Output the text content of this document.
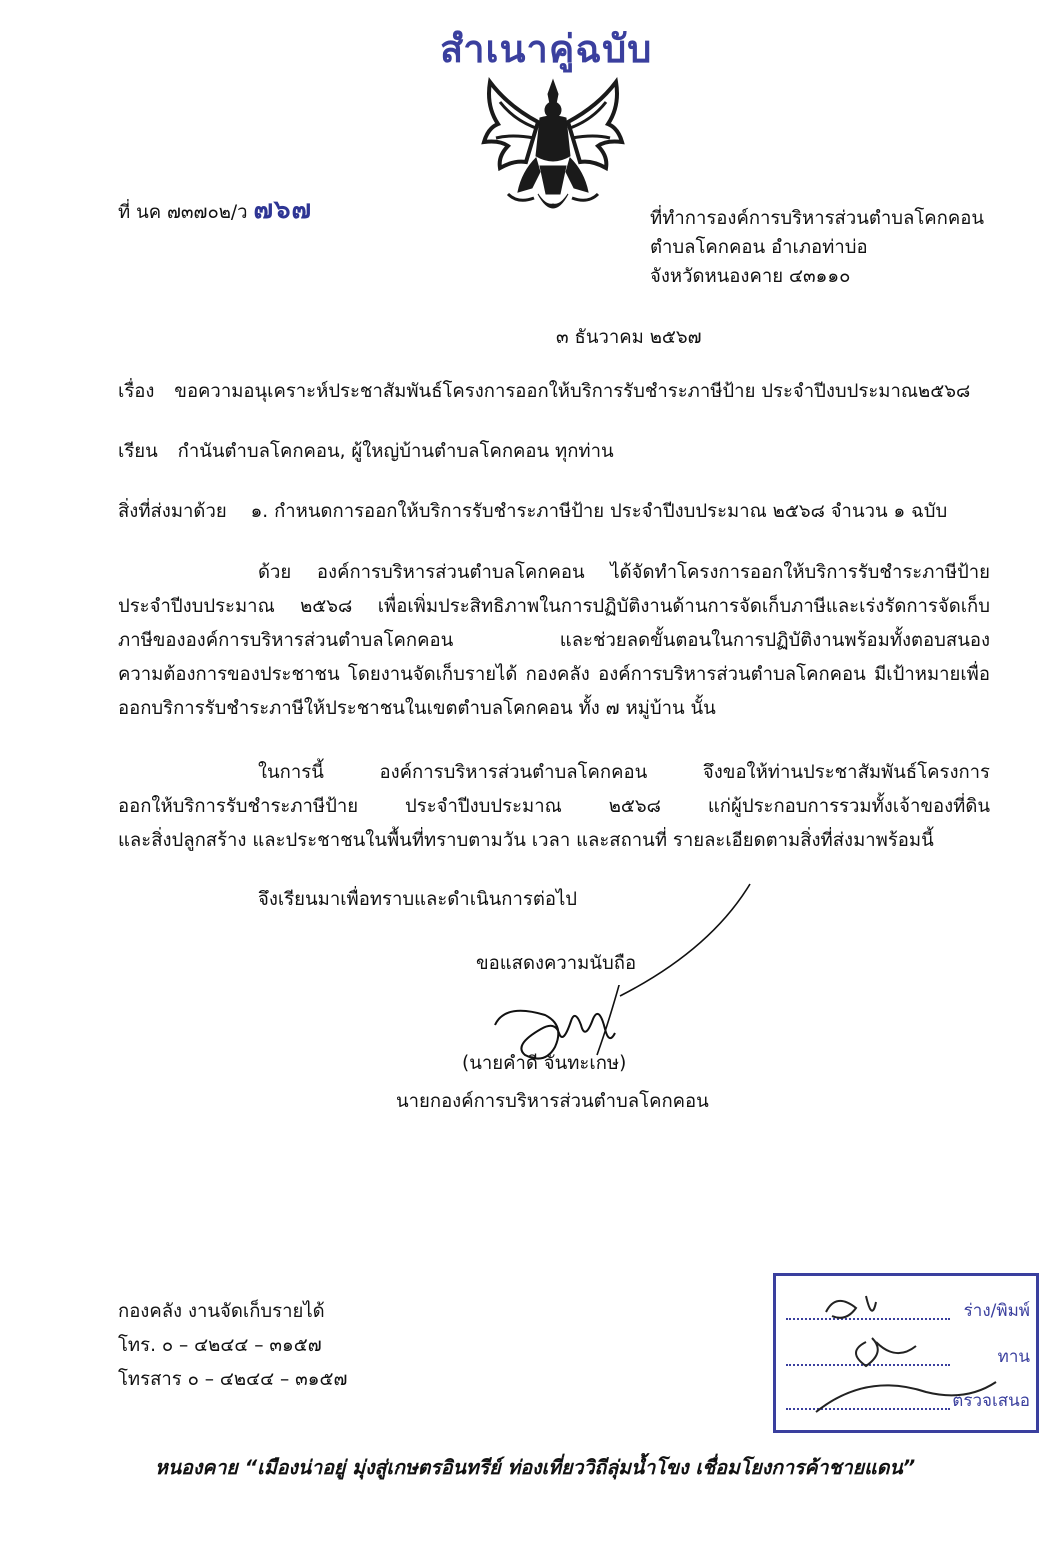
สำเนาคู่ฉบับ
ที่ นค ๗๓๗๐๒/ว ๗๖๗	ที่ทำการองค์การบริหารส่วนตำบลโคกคอน
ตำบลโคกคอน อำเภอท่าบ่อ
จังหวัดหนองคาย ๔๓๑๑๐
๓ ธันวาคม ๒๕๖๗
เรื่อง ขอความอนุเคราะห์ประชาสัมพันธ์โครงการออกให้บริการรับชำระภาษีป้าย ประจำปีงบประมาณ๒๕๖๘
เรียน กำนันตำบลโคกคอน, ผู้ใหญ่บ้านตำบลโคกคอน ทุกท่าน
สิ่งที่ส่งมาด้วย ๑. กำหนดการออกให้บริการรับชำระภาษีป้าย ประจำปีงบประมาณ ๒๕๖๘ จำนวน ๑ ฉบับ
ด้วย องค์การบริหารส่วนตำบลโคกคอน ได้จัดทำโครงการออกให้บริการรับชำระภาษีป้าย
ประจำปีงบประมาณ ๒๕๖๘ เพื่อเพิ่มประสิทธิภาพในการปฏิบัติงานด้านการจัดเก็บภาษีและเร่งรัดการจัดเก็บ
ภาษีขององค์การบริหารส่วนตำบลโคกคอน และช่วยลดขั้นตอนในการปฏิบัติงานพร้อมทั้งตอบสนอง
ความต้องการของประชาชน โดยงานจัดเก็บรายได้ กองคลัง องค์การบริหารส่วนตำบลโคกคอน มีเป้าหมายเพื่อ
ออกบริการรับชำระภาษีให้ประชาชนในเขตตำบลโคกคอน ทั้ง ๗ หมู่บ้าน นั้น
ในการนี้ องค์การบริหารส่วนตำบลโคกคอน จึงขอให้ท่านประชาสัมพันธ์โครงการ
ออกให้บริการรับชำระภาษีป้าย ประจำปีงบประมาณ ๒๕๖๘ แก่ผู้ประกอบการรวมทั้งเจ้าของที่ดิน
และสิ่งปลูกสร้าง และประชาชนในพื้นที่ทราบตามวัน เวลา และสถานที่ รายละเอียดตามสิ่งที่ส่งมาพร้อมนี้
จึงเรียนมาเพื่อทราบและดำเนินการต่อไป
ขอแสดงความนับถือ
(นายคำดี จันทะเกษ)
นายกองค์การบริหารส่วนตำบลโคกคอน
กองคลัง งานจัดเก็บรายได้
โทร. ๐ – ๔๒๔๔ – ๓๑๕๗
โทรสาร ๐ – ๔๒๔๔ – ๓๑๕๗
ร่าง/พิมพ์
ทาน
ตรวจเสนอ
หนองคาย “เมืองน่าอยู่ มุ่งสู่เกษตรอินทรีย์ ท่องเที่ยววิถีลุ่มน้ำโขง เชื่อมโยงการค้าชายแดน”
